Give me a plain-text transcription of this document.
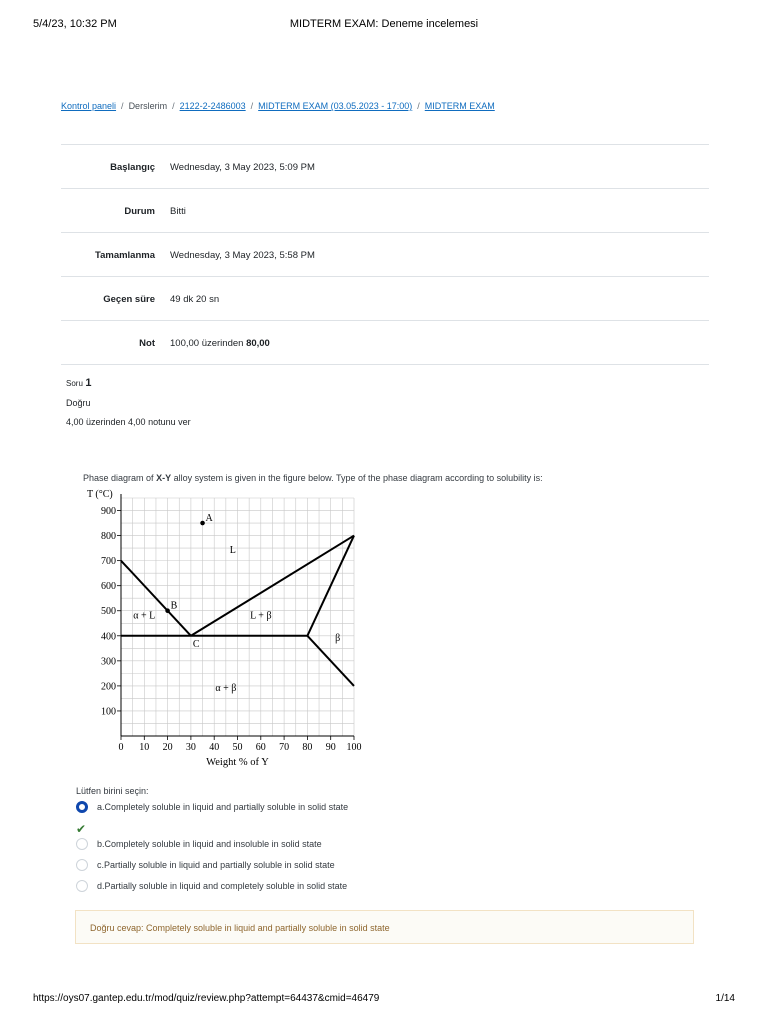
5/4/23, 10:32 PM	MIDTERM EXAM: Deneme incelemesi
Kontrol paneli / Derslerim / 2122-2-2486003 / MIDTERM EXAM (03.05.2023 - 17:00) / MIDTERM EXAM
Başlangıç Wednesday, 3 May 2023, 5:09 PM
Durum Bitti
Tamamlanma Wednesday, 3 May 2023, 5:58 PM
Geçen süre 49 dk 20 sn
Not 100,00 üzerinden 80,00
Soru 1
Doğru
4,00 üzerinden 4,00 notunu ver
Phase diagram of X-Y alloy system is given in the figure below. Type of the phase diagram according to solubility is:
0 10 20 30 40 50 60 70 80 90 100
100
200
300
400
500
600
700
800
900
T (°C)
Weight % of Y
A
B
C
L
α + L	L + β
β
α + β
Lütfen birini seçin:
a.Completely soluble in liquid and partially soluble in solid state
✔
b.Completely soluble in liquid and insoluble in solid state
c.Partially soluble in liquid and partially soluble in solid state
d.Partially soluble in liquid and completely soluble in solid state
Doğru cevap: Completely soluble in liquid and partially soluble in solid state
https://oys07.gantep.edu.tr/mod/quiz/review.php?attempt=64437&cmid=46479	1/14
